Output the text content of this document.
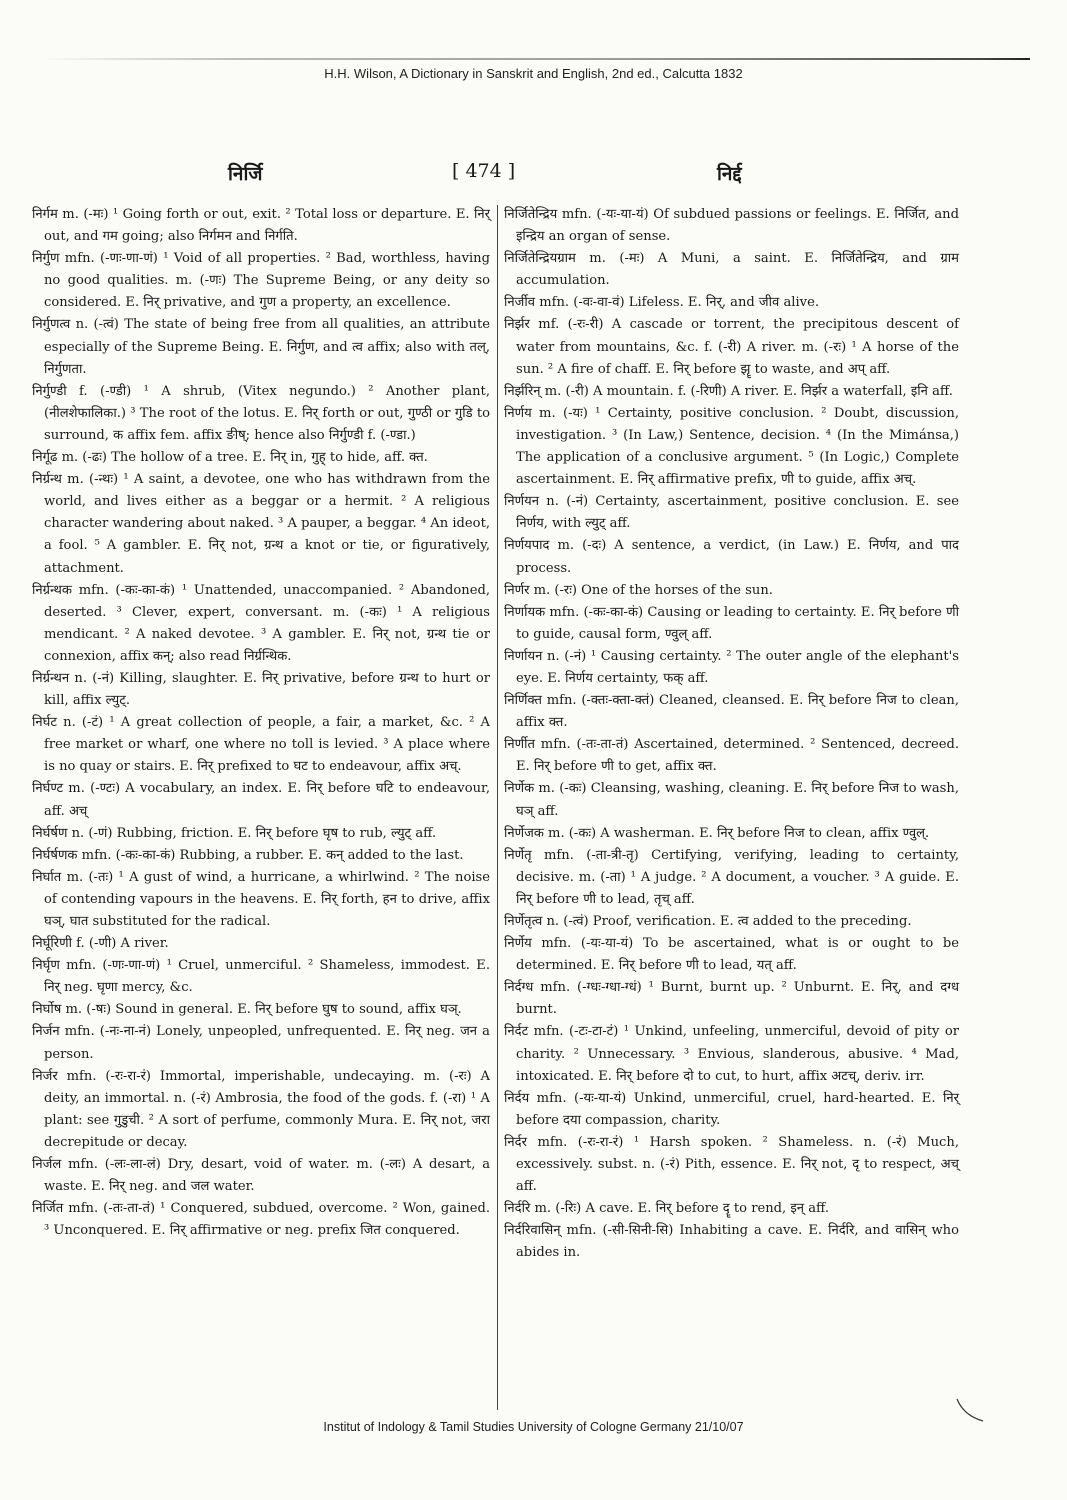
H.H. Wilson, A Dictionary in Sanskrit and English, 2nd ed., Calcutta 1832
निर्जि	[ 474 ]	निर्द्द
निर्गम m. (-मः) ¹ Going forth or out, exit. ² Total loss or departure. E. निर् out, and गम going; also निर्गमन and निर्गति.
निर्गुण mfn. (-णः-णा-णं) ¹ Void of all properties. ² Bad, worthless, having no good qualities. m. (-णः) The Supreme Being, or any deity so considered. E. निर् privative, and गुण a property, an excellence.
निर्गुणत्व n. (-त्वं) The state of being free from all qualities, an attribute especially of the Supreme Being. E. निर्गुण, and त्व affix; also with तल्, निर्गुणता.
निर्गुण्डी f. (-ण्डी) ¹ A shrub, (Vitex negundo.) ² Another plant, (नीलशेफालिका.) ³ The root of the lotus. E. निर् forth or out, गुण्ठी or गुडि to surround, क affix fem. affix ङीष्; hence also निर्गुण्डी f. (-ण्डा.)
निर्गूढ m. (-ढः) The hollow of a tree. E. निर् in, गुह् to hide, aff. क्त.
निर्ग्रन्थ m. (-न्थः) ¹ A saint, a devotee, one who has withdrawn from the world, and lives either as a beggar or a hermit. ² A religious character wandering about naked. ³ A pauper, a beggar. ⁴ An ideot, a fool. ⁵ A gambler. E. निर् not, ग्रन्थ a knot or tie, or figuratively, attachment.
निर्ग्रन्थक mfn. (-कः-का-कं) ¹ Unattended, unaccompanied. ² Abandoned, deserted. ³ Clever, expert, conversant. m. (-कः) ¹ A religious mendicant. ² A naked devotee. ³ A gambler. E. निर् not, ग्रन्थ tie or connexion, affix कन्; also read निर्ग्रन्थिक.
निर्ग्रन्थन n. (-नं) Killing, slaughter. E. निर् privative, before ग्रन्थ to hurt or kill, affix ल्युट्.
निर्घट n. (-टं) ¹ A great collection of people, a fair, a market, &c. ² A free market or wharf, one where no toll is levied. ³ A place where is no quay or stairs. E. निर् prefixed to घट to endeavour, affix अच्.
निर्घण्ट m. (-ण्टः) A vocabulary, an index. E. निर् before घटि to endeavour, aff. अच्
निर्घर्षण n. (-णं) Rubbing, friction. E. निर् before घृष to rub, ल्युट् aff.
निर्घर्षणक mfn. (-कः-का-कं) Rubbing, a rubber. E. कन् added to the last.
निर्घात m. (-तः) ¹ A gust of wind, a hurricane, a whirlwind. ² The noise of contending vapours in the heavens. E. निर् forth, हन to drive, affix घञ्, घात substituted for the radical.
निर्घूरिणी f. (-णी) A river.
निर्घृण mfn. (-णः-णा-णं) ¹ Cruel, unmerciful. ² Shameless, immodest. E. निर् neg. घृणा mercy, &c.
निर्घोष m. (-षः) Sound in general. E. निर् before घुष to sound, affix घञ्.
निर्जन mfn. (-नः-ना-नं) Lonely, unpeopled, unfrequented. E. निर् neg. जन a person.
निर्जर mfn. (-रः-रा-रं) Immortal, imperishable, undecaying. m. (-रः) A deity, an immortal. n. (-रं) Ambrosia, the food of the gods. f. (-रा) ¹ A plant: see गुडुची. ² A sort of perfume, commonly Mura. E. निर् not, जरा decrepitude or decay.
निर्जल mfn. (-लः-ला-लं) Dry, desart, void of water. m. (-लः) A desart, a waste. E. निर् neg. and जल water.
निर्जित mfn. (-तः-ता-तं) ¹ Conquered, subdued, overcome. ² Won, gained. ³ Unconquered. E. निर् affirmative or neg. prefix जित conquered.
निर्जितेन्द्रिय mfn. (-यः-या-यं) Of subdued passions or feelings. E. निर्जित, and इन्द्रिय an organ of sense.
निर्जितेन्द्रियग्राम m. (-मः) A Muni, a saint. E. निर्जितेन्द्रिय, and ग्राम accumulation.
निर्जीव mfn. (-वः-वा-वं) Lifeless. E. निर्, and जीव alive.
निर्झर mf. (-रः-री) A cascade or torrent, the precipitous descent of water from mountains, &c. f. (-री) A river. m. (-रः) ¹ A horse of the sun. ² A fire of chaff. E. निर् before झॄ to waste, and अप् aff.
निर्झरिन् m. (-री) A mountain. f. (-रिणी) A river. E. निर्झर a waterfall, इनि aff.
निर्णय m. (-यः) ¹ Certainty, positive conclusion. ² Doubt, discussion, investigation. ³ (In Law,) Sentence, decision. ⁴ (In the Mimánsa,) The application of a conclusive argument. ⁵ (In Logic,) Complete ascertainment. E. निर् affirmative prefix, णी to guide, affix अच्.
निर्णयन n. (-नं) Certainty, ascertainment, positive conclusion. E. see निर्णय, with ल्युट् aff.
निर्णयपाद m. (-दः) A sentence, a verdict, (in Law.) E. निर्णय, and पाद process.
निर्णर m. (-रः) One of the horses of the sun.
निर्णायक mfn. (-कः-का-कं) Causing or leading to certainty. E. निर् before णी to guide, causal form, ण्वुल् aff.
निर्णायन n. (-नं) ¹ Causing certainty. ² The outer angle of the elephant's eye. E. निर्णय certainty, फक् aff.
निर्णिक्त mfn. (-क्तः-क्ता-क्तं) Cleaned, cleansed. E. निर् before निज to clean, affix क्त.
निर्णीत mfn. (-तः-ता-तं) Ascertained, determined. ² Sentenced, decreed. E. निर् before णी to get, affix क्त.
निर्णेक m. (-कः) Cleansing, washing, cleaning. E. निर् before निज to wash, घञ् aff.
निर्णेजक m. (-कः) A washerman. E. निर् before निज to clean, affix ण्वुल्.
निर्णेतृ mfn. (-ता-त्री-तृ) Certifying, verifying, leading to certainty, decisive. m. (-ता) ¹ A judge. ² A document, a voucher. ³ A guide. E. निर् before णी to lead, तृच् aff.
निर्णेतृत्व n. (-त्वं) Proof, verification. E. त्व added to the preceding.
निर्णेय mfn. (-यः-या-यं) To be ascertained, what is or ought to be determined. E. निर् before णी to lead, यत् aff.
निर्दग्ध mfn. (-ग्धः-ग्धा-ग्धं) ¹ Burnt, burnt up. ² Unburnt. E. निर्, and दग्ध burnt.
निर्दट mfn. (-टः-टा-टं) ¹ Unkind, unfeeling, unmerciful, devoid of pity or charity. ² Unnecessary. ³ Envious, slanderous, abusive. ⁴ Mad, intoxicated. E. निर् before दो to cut, to hurt, affix अटच्, deriv. irr.
निर्दय mfn. (-यः-या-यं) Unkind, unmerciful, cruel, hard-hearted. E. निर् before दया compassion, charity.
निर्दर mfn. (-रः-रा-रं) ¹ Harsh spoken. ² Shameless. n. (-रं) Much, excessively. subst. n. (-रं) Pith, essence. E. निर् not, दृ to respect, अच् aff.
निर्दरि m. (-रिः) A cave. E. निर् before दॄ to rend, इन् aff.
निर्दरिवासिन् mfn. (-सी-सिनी-सि) Inhabiting a cave. E. निर्दरि, and वासिन् who abides in.
Institut of Indology & Tamil Studies University of Cologne Germany 21/10/07
